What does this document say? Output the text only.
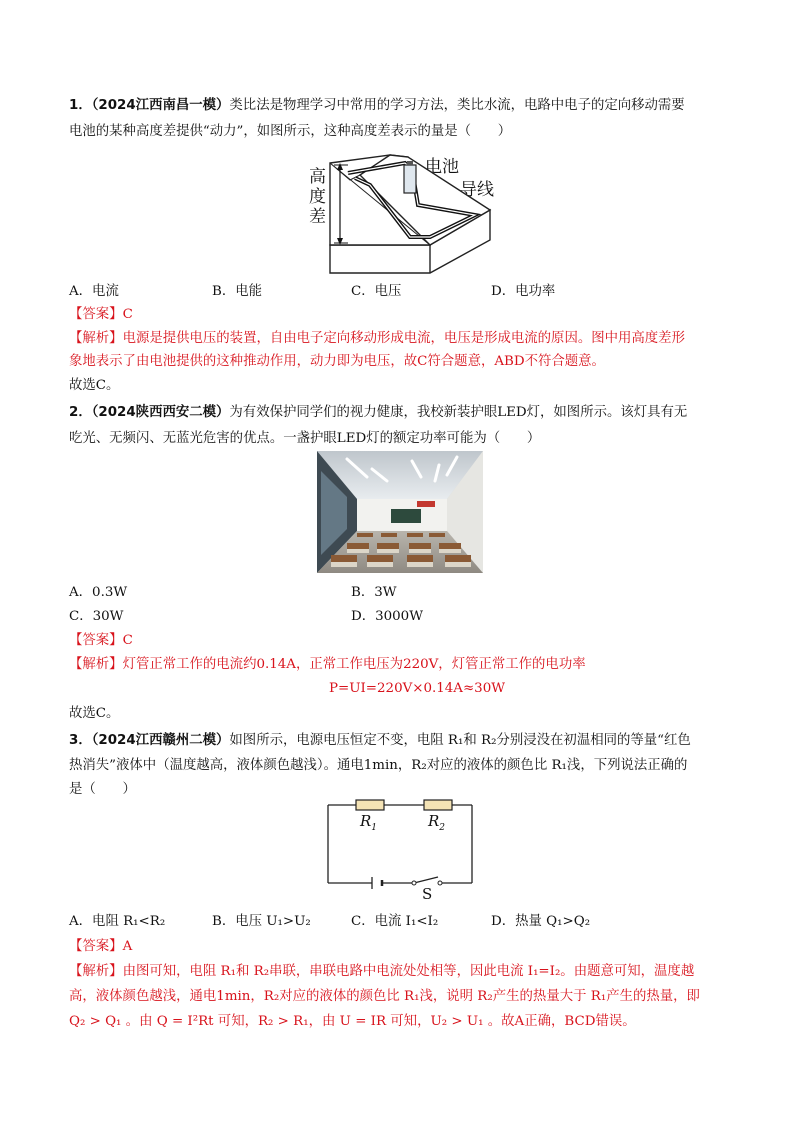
1．（2024江西南昌一模）类比法是物理学习中常用的学习方法，类比水流，电路中电子的定向移动需要
电池的某种高度差提供“动力”，如图所示，这种高度差表示的量是（　　）
电池
导线
高
度
差
A．电流	B．电能	C．电压	D．电功率
【答案】C
【解析】电源是提供电压的装置，自由电子定向移动形成电流，电压是形成电流的原因。图中用高度差形
象地表示了由电池提供的这种推动作用，动力即为电压，故C符合题意，ABD不符合题意。
故选C。
2．（2024陕西西安二模）为有效保护同学们的视力健康，我校新装护眼LED灯，如图所示。该灯具有无
吃光、无频闪、无蓝光危害的优点。一盏护眼LED灯的额定功率可能为（　　）
A．0.3W	B．3W
C．30W	D．3000W
【答案】C
【解析】灯管正常工作的电流约0.14A，正常工作电压为220V，灯管正常工作的电功率
P=UI=220V×0.14A≈30W
故选C。
3．（2024江西赣州二模）如图所示，电源电压恒定不变，电阻 R₁和 R₂分别浸没在初温相同的等量“红色
热消失”液体中（温度越高，液体颜色越浅）。通电1min，R₂对应的液体的颜色比 R₁浅，下列说法正确的
是（　　）
$R_1$	$R_2$
S
A．电阻 R₁<R₂	B．电压 U₁>U₂	C．电流 I₁<I₂	D．热量 Q₁>Q₂
【答案】A
【解析】由图可知，电阻 R₁和 R₂串联，串联电路中电流处处相等，因此电流 I₁=I₂。由题意可知，温度越
高，液体颜色越浅，通电1min，R₂对应的液体的颜色比 R₁浅，说明 R₂产生的热量大于 R₁产生的热量，即
Q₂ > Q₁ 。由 Q = I²Rt 可知，R₂ > R₁，由 U = IR 可知，U₂ > U₁ 。故A正确，BCD错误。
